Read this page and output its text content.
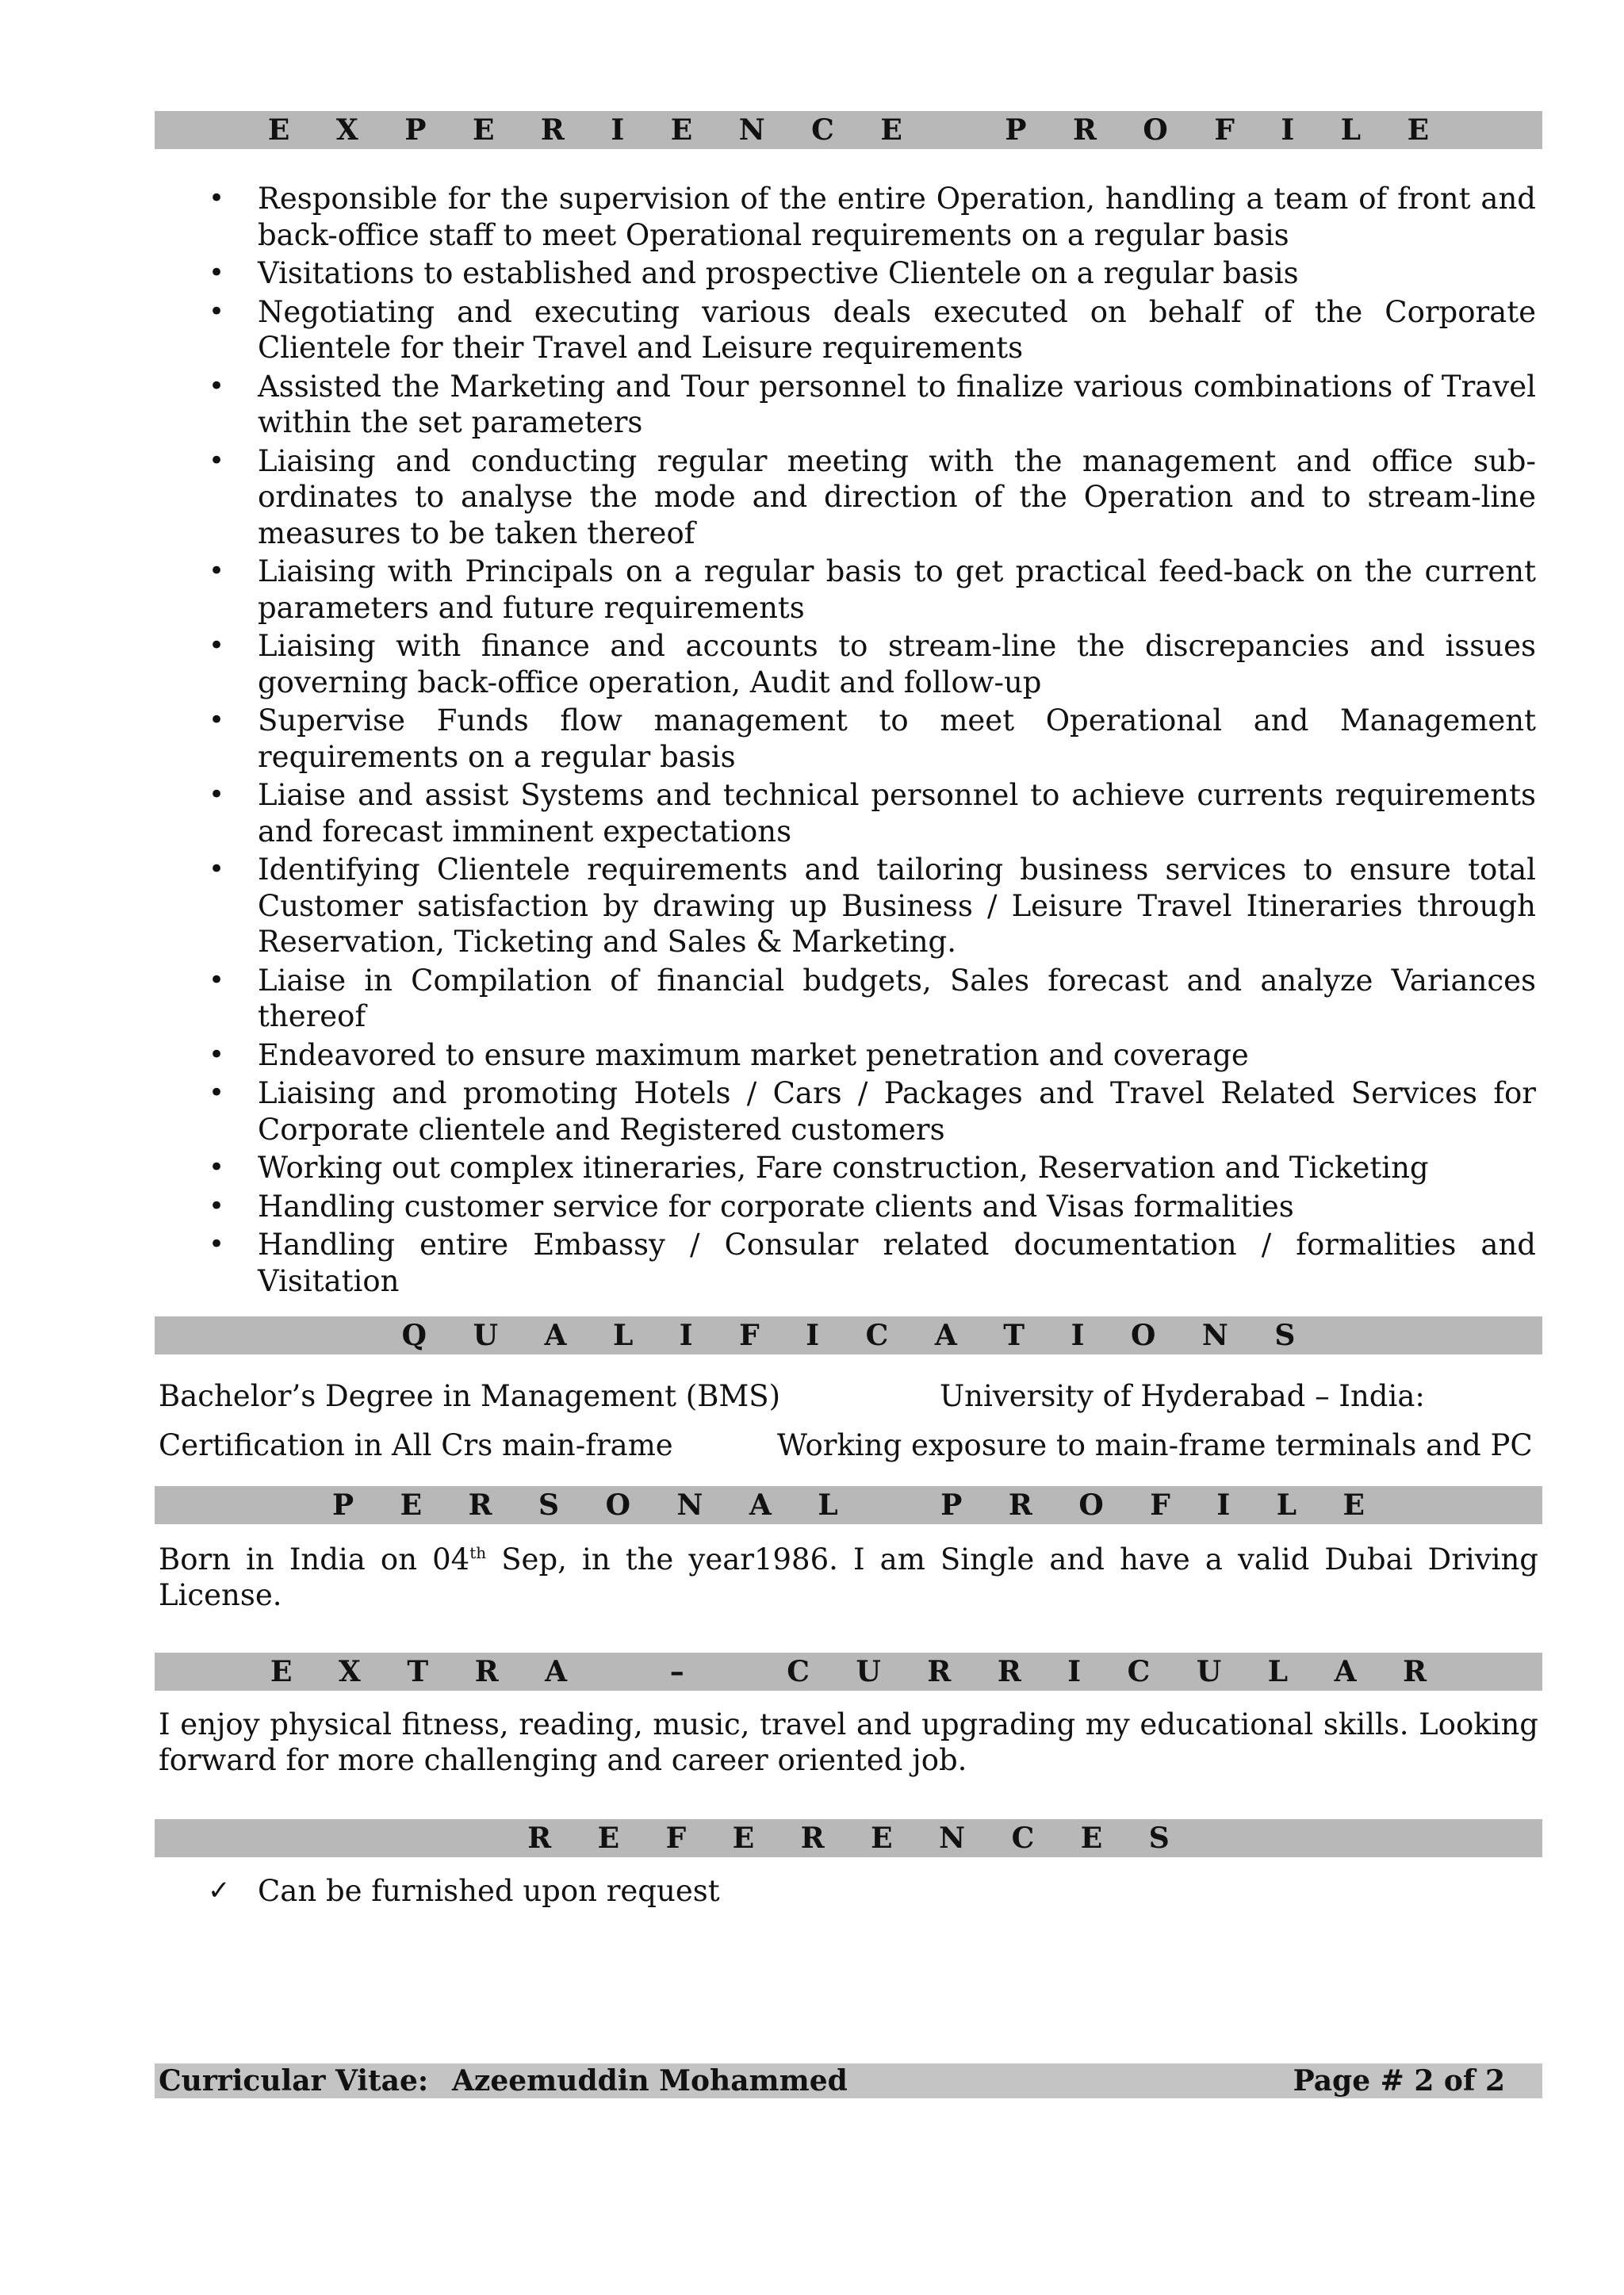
E X P E R I E N C E   P R O F I L E
• Responsible for the supervision of the entire Operation, handling a team of front and back-office staff to meet Operational requirements on a regular basis
• Visitations to established and prospective Clientele on a regular basis
• Negotiating and executing various deals executed on behalf of the Corporate Clientele for their Travel and Leisure requirements
• Assisted the Marketing and Tour personnel to finalize various combinations of Travel within the set parameters
• Liaising and conducting regular meeting with the management and office sub-ordinates to analyse the mode and direction of the Operation and to stream-line measures to be taken thereof
• Liaising with Principals on a regular basis to get practical feed-back on the current parameters and future requirements
• Liaising with finance and accounts to stream-line the discrepancies and issues governing back-office operation, Audit and follow-up
• Supervise Funds flow management to meet Operational and Management requirements on a regular basis
• Liaise and assist Systems and technical personnel to achieve currents requirements and forecast imminent expectations
• Identifying Clientele requirements and tailoring business services to ensure total Customer satisfaction by drawing up Business / Leisure Travel Itineraries through Reservation, Ticketing and Sales & Marketing.
• Liaise in Compilation of financial budgets, Sales forecast and analyze Variances thereof
• Endeavored to ensure maximum market penetration and coverage
• Liaising and promoting Hotels / Cars / Packages and Travel Related Services for Corporate clientele and Registered customers
• Working out complex itineraries, Fare construction, Reservation and Ticketing
• Handling customer service for corporate clients and Visas formalities
• Handling entire Embassy / Consular related documentation / formalities and Visitation
Q U A L I F I C A T I O N S
Bachelor’s Degree in Management (BMS)	University of Hyderabad – India:
Certification in All Crs main-frame	Working exposure to main-frame terminals and PC
P E R S O N A L   P R O F I L E
Born in India on 04th Sep, in the year1986. I am Single and have a valid Dubai Driving License.
E X T R A   –   C U R R I C U L A R
I enjoy physical fitness, reading, music, travel and upgrading my educational skills. Looking forward for more challenging and career oriented job.
R E F E R E N C E S
✓ Can be furnished upon request
Curricular Vitae: Azeemuddin Mohammed	Page # 2 of 2
